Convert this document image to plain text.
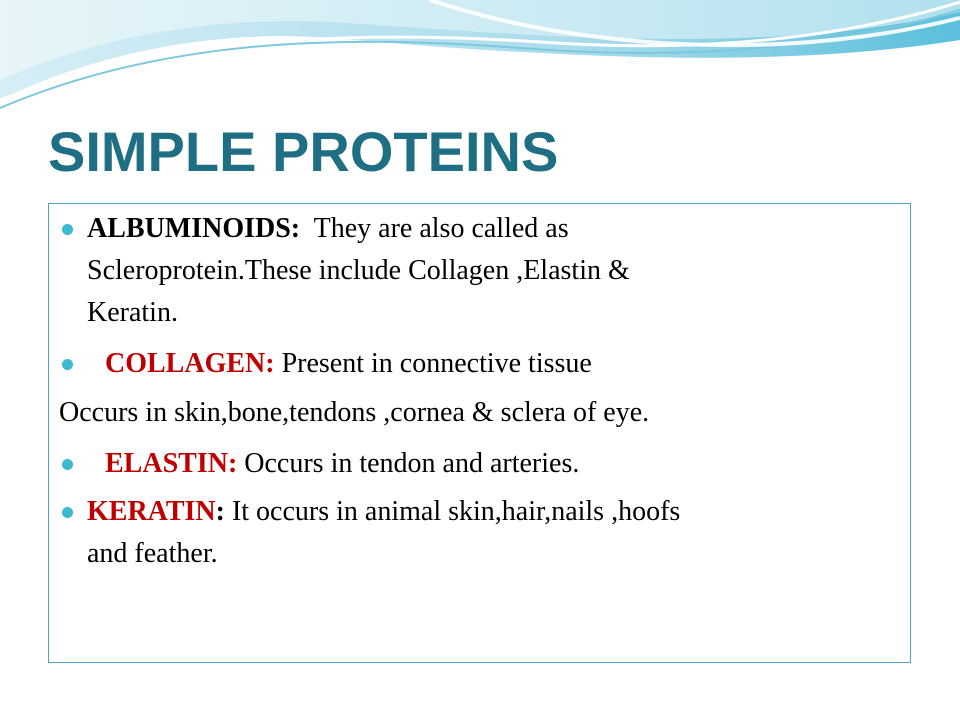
SIMPLE PROTEINS

ALBUMINOIDS: They are also called as

Scleroprotein.These include Collagen ,Elastin &

Keratin.

COLLAGEN: Present in connective tissue

Occurs in skin,bone,tendons ,cornea & sclera of eye.

ELASTIN: Occurs in tendon and arteries.

KERATIN: It occurs in animal skin,hair,nails ,hoofs

and feather.
